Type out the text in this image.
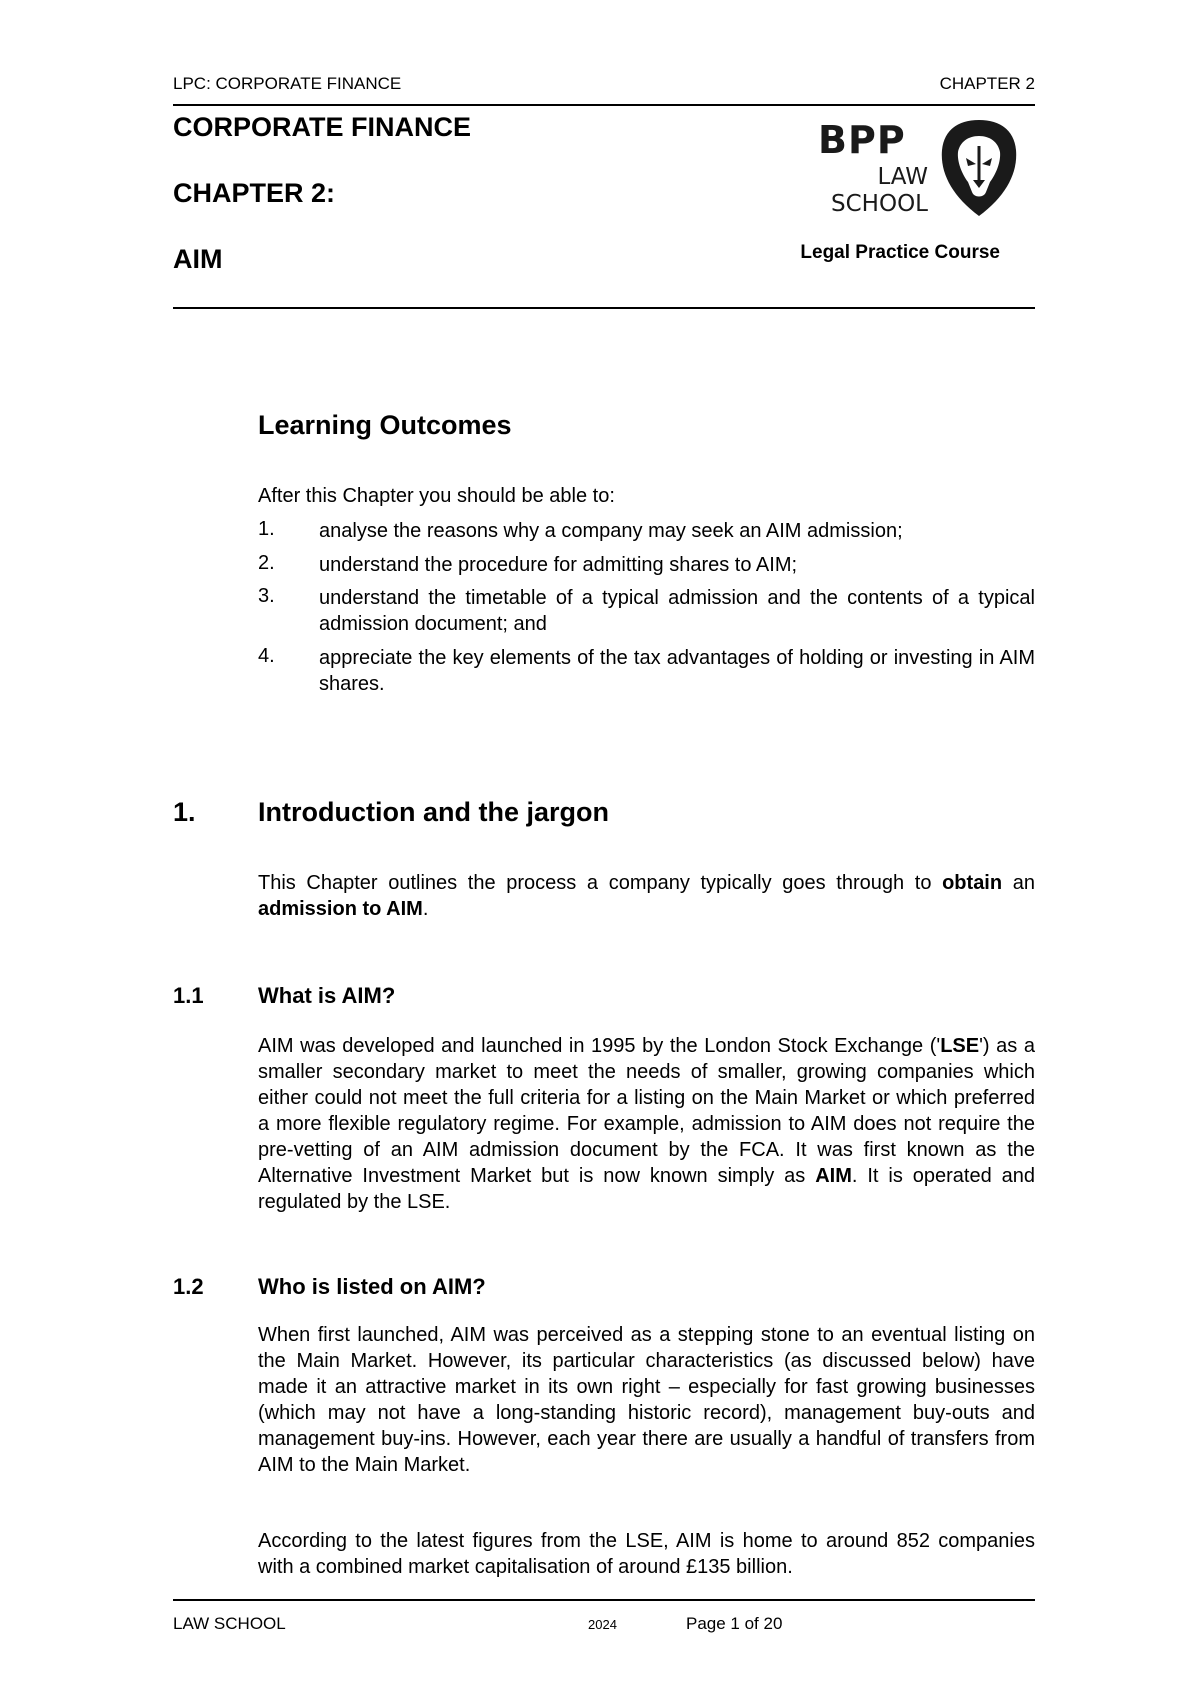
LPC: CORPORATE FINANCE	CHAPTER 2
CORPORATE FINANCE
CHAPTER 2:
AIM
BPP
LAW
SCHOOL
Legal Practice Course
Learning Outcomes
After this Chapter you should be able to:
1. analyse the reasons why a company may seek an AIM admission;
2. understand the procedure for admitting shares to AIM;
3. understand the timetable of a typical admission and the contents of a typical admission document; and
4. appreciate the key elements of the tax advantages of holding or investing in AIM shares.
1. Introduction and the jargon
This Chapter outlines the process a company typically goes through to obtain an admission to AIM.
1.1 What is AIM?
AIM was developed and launched in 1995 by the London Stock Exchange ('LSE') as a smaller secondary market to meet the needs of smaller, growing companies which either could not meet the full criteria for a listing on the Main Market or which preferred a more flexible regulatory regime. For example, admission to AIM does not require the pre-vetting of an AIM admission document by the FCA. It was first known as the Alternative Investment Market but is now known simply as AIM. It is operated and regulated by the LSE.
1.2 Who is listed on AIM?
When first launched, AIM was perceived as a stepping stone to an eventual listing on the Main Market. However, its particular characteristics (as discussed below) have made it an attractive market in its own right – especially for fast growing businesses (which may not have a long-standing historic record), management buy-outs and management buy-ins. However, each year there are usually a handful of transfers from AIM to the Main Market.
According to the latest figures from the LSE, AIM is home to around 852 companies with a combined market capitalisation of around £135 billion.
LAW SCHOOL	2024	Page 1 of 20
